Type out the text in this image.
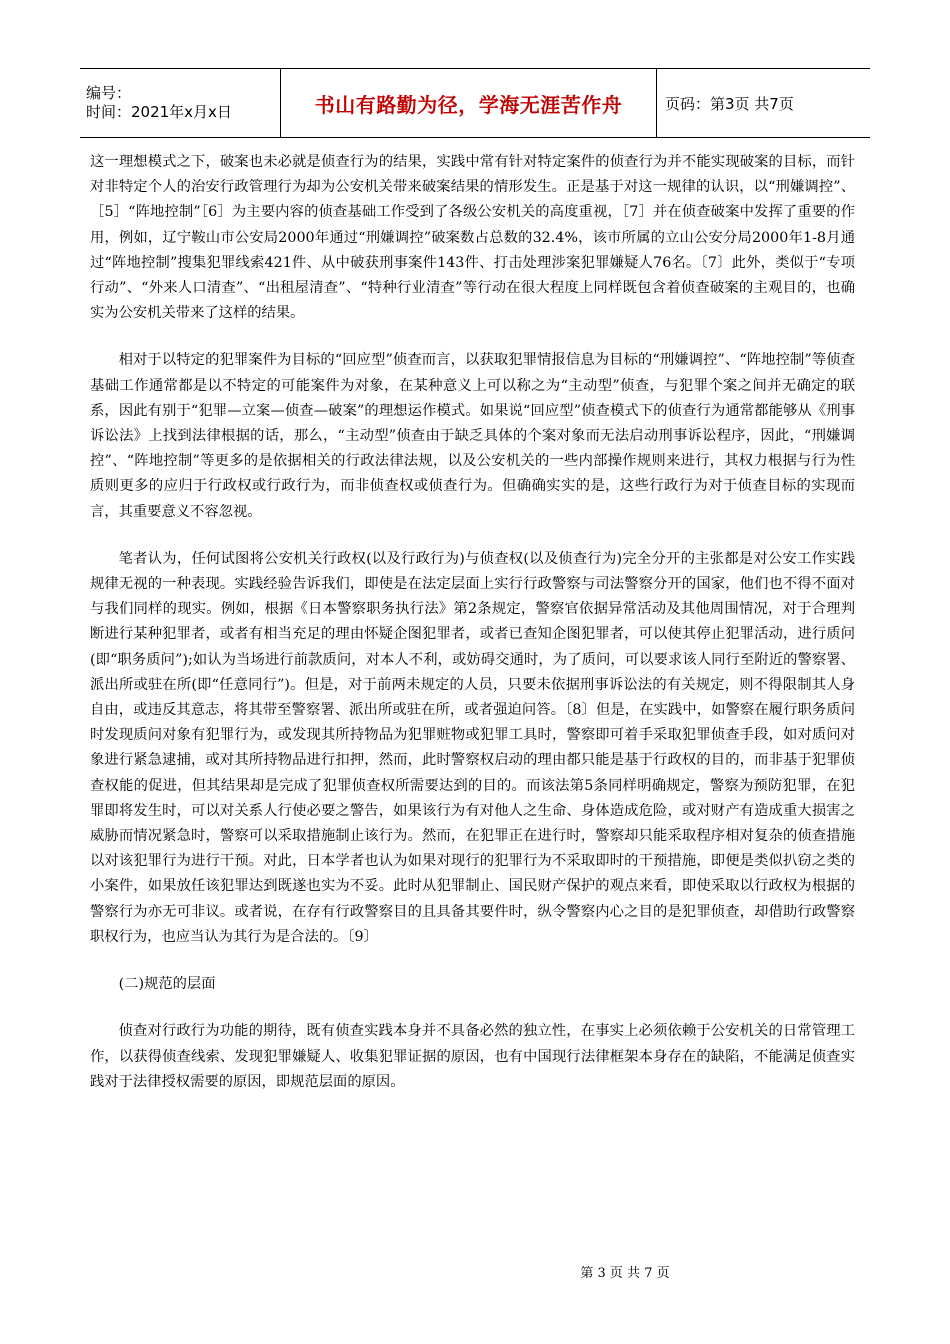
编号：
时间：2021年x月x日	书山有路勤为径，学海无涯苦作舟	页码：第3页 共7页

这一理想模式之下，破案也未必就是侦查行为的结果，实践中常有针对特定案件的侦查行为并不能实现破案的目标，而针对非特定个人的治安行政管理行为却为公安机关带来破案结果的情形发生。正是基于对这一规律的认识，以“刑嫌调控”、［5］“阵地控制”［6］为主要内容的侦查基础工作受到了各级公安机关的高度重视，［7］并在侦查破案中发挥了重要的作用，例如，辽宁鞍山市公安局2000年通过“刑嫌调控”破案数占总数的32.4%，该市所属的立山公安分局2000年1-8月通过“阵地控制”搜集犯罪线索421件、从中破获刑事案件143件、打击处理涉案犯罪嫌疑人76名。〔7〕此外，类似于“专项行动”、“外来人口清查”、“出租屋清查”、“特种行业清查”等行动在很大程度上同样既包含着侦查破案的主观目的，也确实为公安机关带来了这样的结果。

相对于以特定的犯罪案件为目标的“回应型”侦查而言，以获取犯罪情报信息为目标的“刑嫌调控”、“阵地控制”等侦查基础工作通常都是以不特定的可能案件为对象，在某种意义上可以称之为“主动型”侦查，与犯罪个案之间并无确定的联系，因此有别于“犯罪—立案—侦查—破案”的理想运作模式。如果说“回应型”侦查模式下的侦查行为通常都能够从《刑事诉讼法》上找到法律根据的话，那么，“主动型”侦查由于缺乏具体的个案对象而无法启动刑事诉讼程序，因此，“刑嫌调控”、“阵地控制”等更多的是依据相关的行政法律法规，以及公安机关的一些内部操作规则来进行，其权力根据与行为性质则更多的应归于行政权或行政行为，而非侦查权或侦查行为。但确确实实的是，这些行政行为对于侦查目标的实现而言，其重要意义不容忽视。

笔者认为，任何试图将公安机关行政权(以及行政行为)与侦查权(以及侦查行为)完全分开的主张都是对公安工作实践规律无视的一种表现。实践经验告诉我们，即使是在法定层面上实行行政警察与司法警察分开的国家，他们也不得不面对与我们同样的现实。例如，根据《日本警察职务执行法》第2条规定，警察官依据异常活动及其他周围情况，对于合理判断进行某种犯罪者，或者有相当充足的理由怀疑企图犯罪者，或者已查知企图犯罪者，可以使其停止犯罪活动，进行质问(即“职务质问”);如认为当场进行前款质问，对本人不利，或妨碍交通时，为了质问，可以要求该人同行至附近的警察署、派出所或驻在所(即“任意同行”)。但是，对于前两未规定的人员，只要未依据刑事诉讼法的有关规定，则不得限制其人身自由，或违反其意志，将其带至警察署、派出所或驻在所，或者强迫问答。〔8〕但是，在实践中，如警察在履行职务质问时发现质问对象有犯罪行为，或发现其所持物品为犯罪赃物或犯罪工具时，警察即可着手采取犯罪侦查手段，如对质问对象进行紧急逮捕，或对其所持物品进行扣押，然而，此时警察权启动的理由都只能是基于行政权的目的，而非基于犯罪侦查权能的促进，但其结果却是完成了犯罪侦查权所需要达到的目的。而该法第5条同样明确规定，警察为预防犯罪，在犯罪即将发生时，可以对关系人行使必要之警告，如果该行为有对他人之生命、身体造成危险，或对财产有造成重大损害之威胁而情况紧急时，警察可以采取措施制止该行为。然而，在犯罪正在进行时，警察却只能采取程序相对复杂的侦查措施以对该犯罪行为进行干预。对此，日本学者也认为如果对现行的犯罪行为不采取即时的干预措施，即便是类似扒窃之类的小案件，如果放任该犯罪达到既遂也实为不妥。此时从犯罪制止、国民财产保护的观点来看，即使采取以行政权为根据的警察行为亦无可非议。或者说，在存有行政警察目的且具备其要件时，纵令警察内心之目的是犯罪侦查，却借助行政警察职权行为，也应当认为其行为是合法的。〔9〕

(二)规范的层面

侦查对行政行为功能的期待，既有侦查实践本身并不具备必然的独立性，在事实上必须依赖于公安机关的日常管理工作，以获得侦查线索、发现犯罪嫌疑人、收集犯罪证据的原因，也有中国现行法律框架本身存在的缺陷，不能满足侦查实践对于法律授权需要的原因，即规范层面的原因。

第 3 页 共 7 页
